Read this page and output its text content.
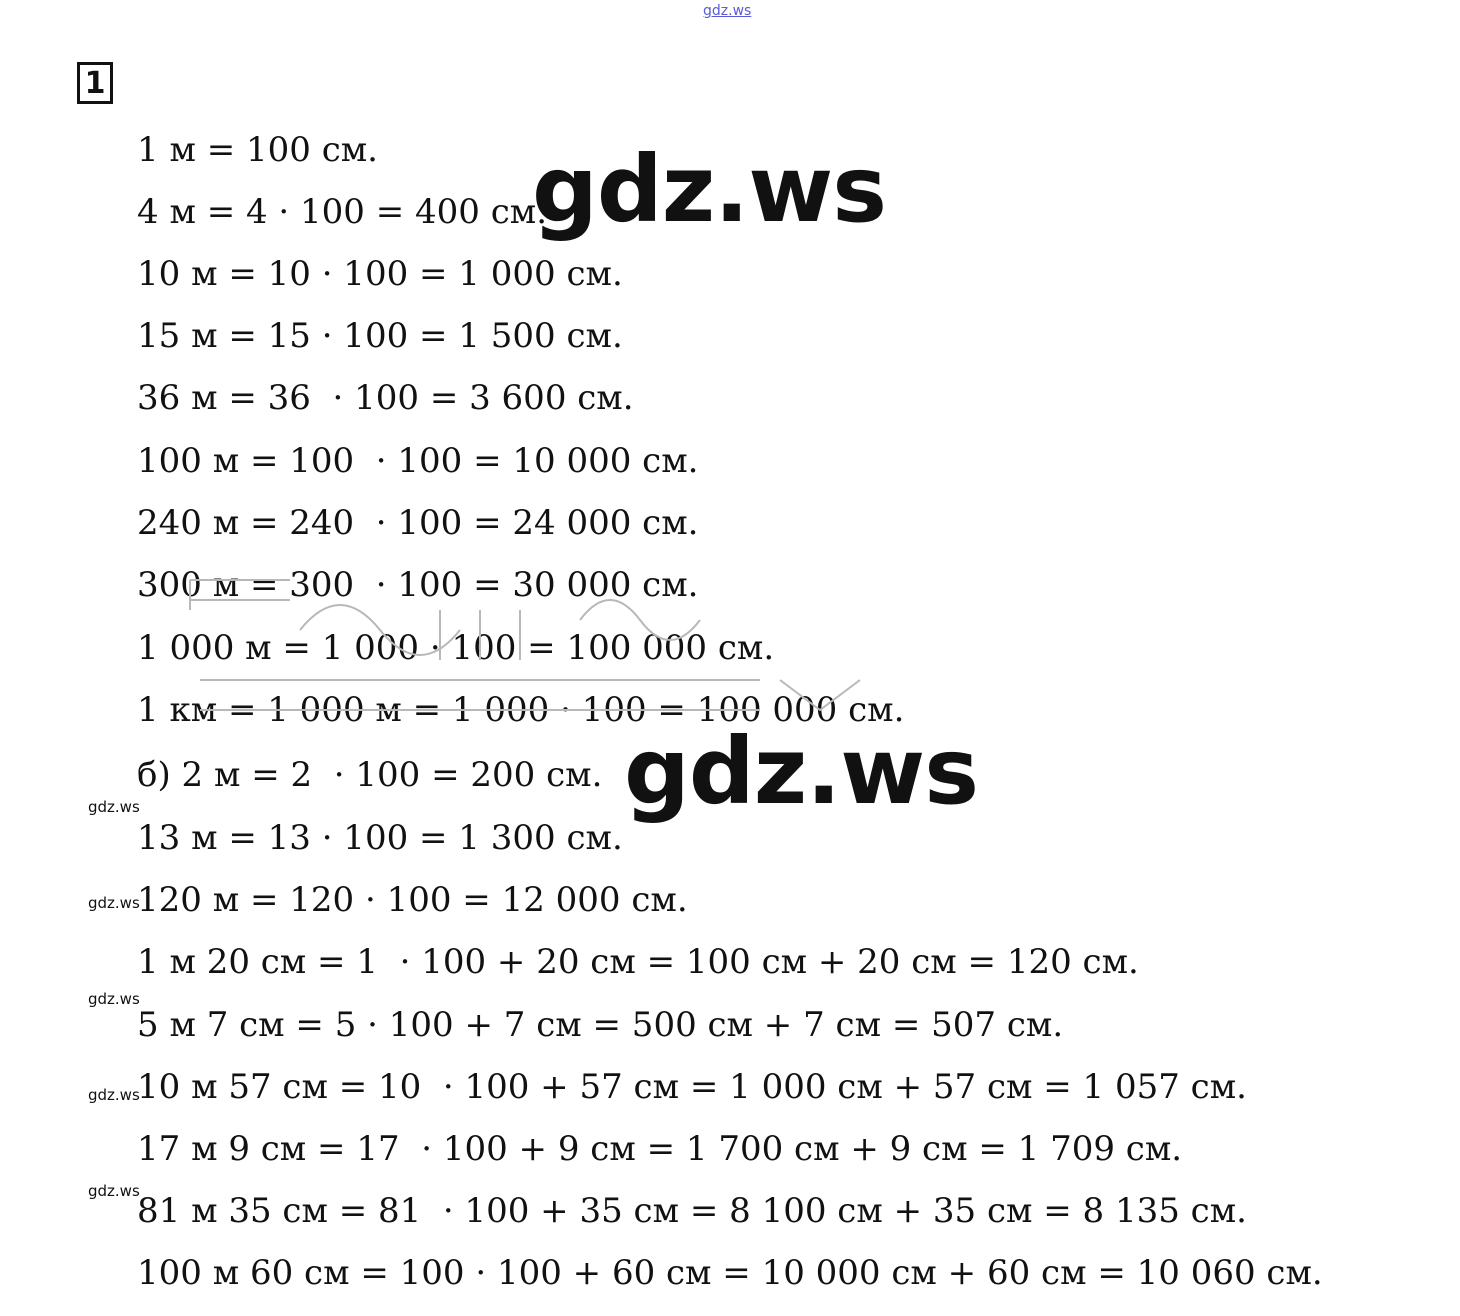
gdz.ws
1
1 м = 100 см.
4 м = 4 · 100 = 400 см.
10 м = 10 · 100 = 1 000 см.
15 м = 15 · 100 = 1 500 см.
36 м = 36  · 100 = 3 600 см.
100 м = 100  · 100 = 10 000 см.
240 м = 240  · 100 = 24 000 см.
300 м = 300  · 100 = 30 000 см.
1 000 м = 1 000 · 100 = 100 000 см.
1 км = 1 000 м = 1 000 · 100 = 100 000 см.
б) 2 м = 2  · 100 = 200 см.
13 м = 13 · 100 = 1 300 см.
120 м = 120 · 100 = 12 000 см.
1 м 20 см = 1  · 100 + 20 см = 100 см + 20 см = 120 см.
5 м 7 см = 5 · 100 + 7 см = 500 см + 7 см = 507 см.
10 м 57 см = 10  · 100 + 57 см = 1 000 см + 57 см = 1 057 см.
17 м 9 см = 17  · 100 + 9 см = 1 700 см + 9 см = 1 709 см.
81 м 35 см = 81  · 100 + 35 см = 8 100 см + 35 см = 8 135 см.
100 м 60 см = 100 · 100 + 60 см = 10 000 см + 60 см = 10 060 см.
gdz.ws
gdz.ws
gdz.ws
gdz.ws
gdz.ws
gdz.ws
gdz.ws
